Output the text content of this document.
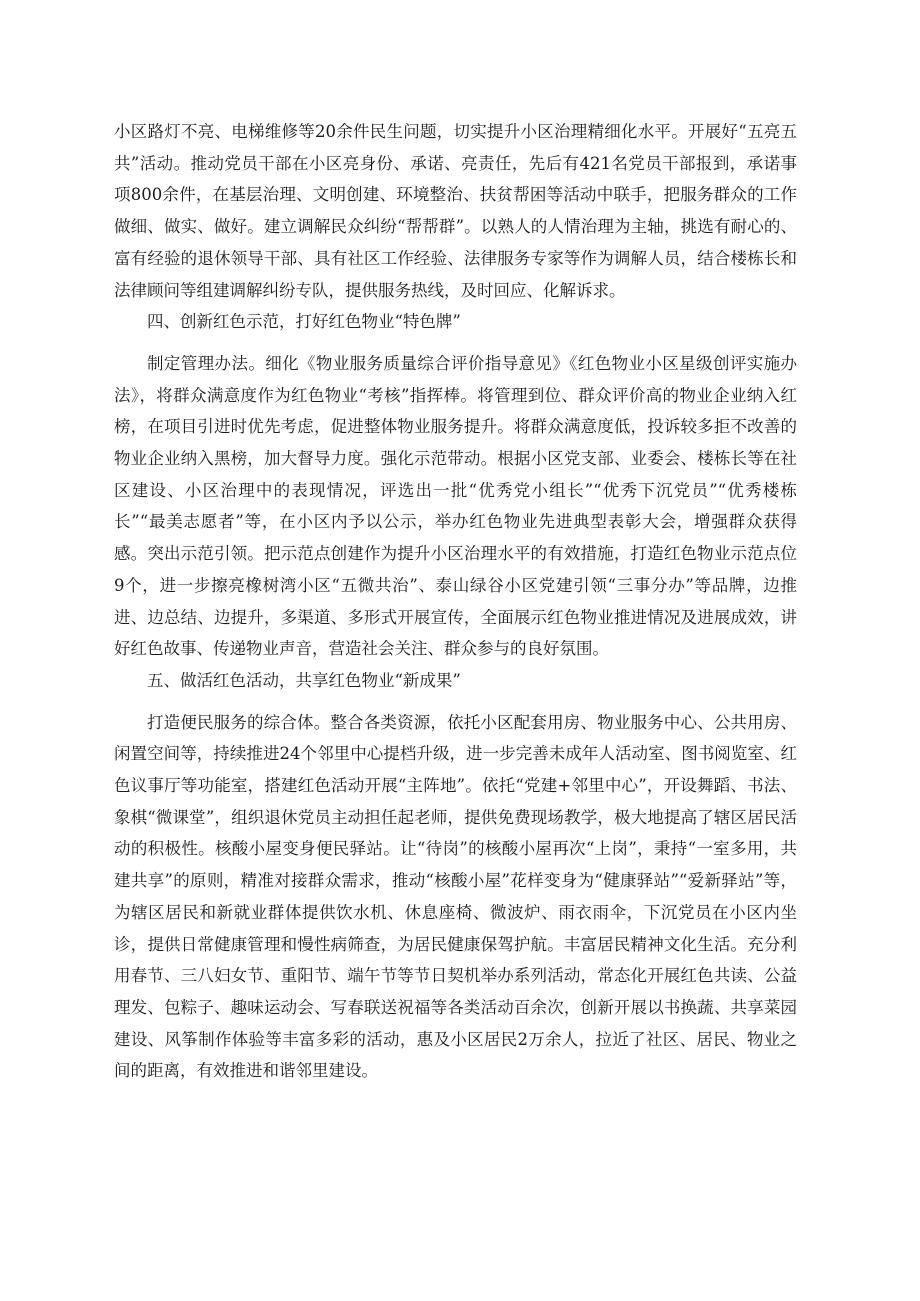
小区路灯不亮、电梯维修等20余件民生问题，切实提升小区治理精细化水平。开展好“五亮五共”活动。推动党员干部在小区亮身份、承诺、亮责任，先后有421名党员干部报到，承诺事项800余件，在基层治理、文明创建、环境整治、扶贫帮困等活动中联手，把服务群众的工作做细、做实、做好。建立调解民众纠纷“帮帮群”。以熟人的人情治理为主轴，挑选有耐心的、富有经验的退休领导干部、具有社区工作经验、法律服务专家等作为调解人员，结合楼栋长和法律顾问等组建调解纠纷专队，提供服务热线，及时回应、化解诉求。

四、创新红色示范，打好红色物业“特色牌”

制定管理办法。细化《物业服务质量综合评价指导意见》《红色物业小区星级创评实施办法》，将群众满意度作为红色物业“考核”指挥棒。将管理到位、群众评价高的物业企业纳入红榜，在项目引进时优先考虑，促进整体物业服务提升。将群众满意度低，投诉较多拒不改善的物业企业纳入黑榜，加大督导力度。强化示范带动。根据小区党支部、业委会、楼栋长等在社区建设、小区治理中的表现情况，评选出一批“优秀党小组长”“优秀下沉党员”“优秀楼栋长”“最美志愿者”等，在小区内予以公示，举办红色物业先进典型表彰大会，增强群众获得感。突出示范引领。把示范点创建作为提升小区治理水平的有效措施，打造红色物业示范点位9个，进一步擦亮橡树湾小区“五微共治”、泰山绿谷小区党建引领“三事分办”等品牌，边推进、边总结、边提升，多渠道、多形式开展宣传，全面展示红色物业推进情况及进展成效，讲好红色故事、传递物业声音，营造社会关注、群众参与的良好氛围。

五、做活红色活动，共享红色物业“新成果”

打造便民服务的综合体。整合各类资源，依托小区配套用房、物业服务中心、公共用房、闲置空间等，持续推进24个邻里中心提档升级，进一步完善未成年人活动室、图书阅览室、红色议事厅等功能室，搭建红色活动开展“主阵地”。依托“党建+邻里中心”，开设舞蹈、书法、象棋“微课堂”，组织退休党员主动担任起老师，提供免费现场教学，极大地提高了辖区居民活动的积极性。核酸小屋变身便民驿站。让“待岗”的核酸小屋再次“上岗”，秉持“一室多用，共建共享”的原则，精准对接群众需求，推动“核酸小屋”花样变身为“健康驿站”“爱新驿站”等，为辖区居民和新就业群体提供饮水机、休息座椅、微波炉、雨衣雨伞，下沉党员在小区内坐诊，提供日常健康管理和慢性病筛查，为居民健康保驾护航。丰富居民精神文化生活。充分利用春节、三八妇女节、重阳节、端午节等节日契机举办系列活动，常态化开展红色共读、公益理发、包粽子、趣味运动会、写春联送祝福等各类活动百余次，创新开展以书换蔬、共享菜园建设、风筝制作体验等丰富多彩的活动，惠及小区居民2万余人，拉近了社区、居民、物业之间的距离，有效推进和谐邻里建设。
